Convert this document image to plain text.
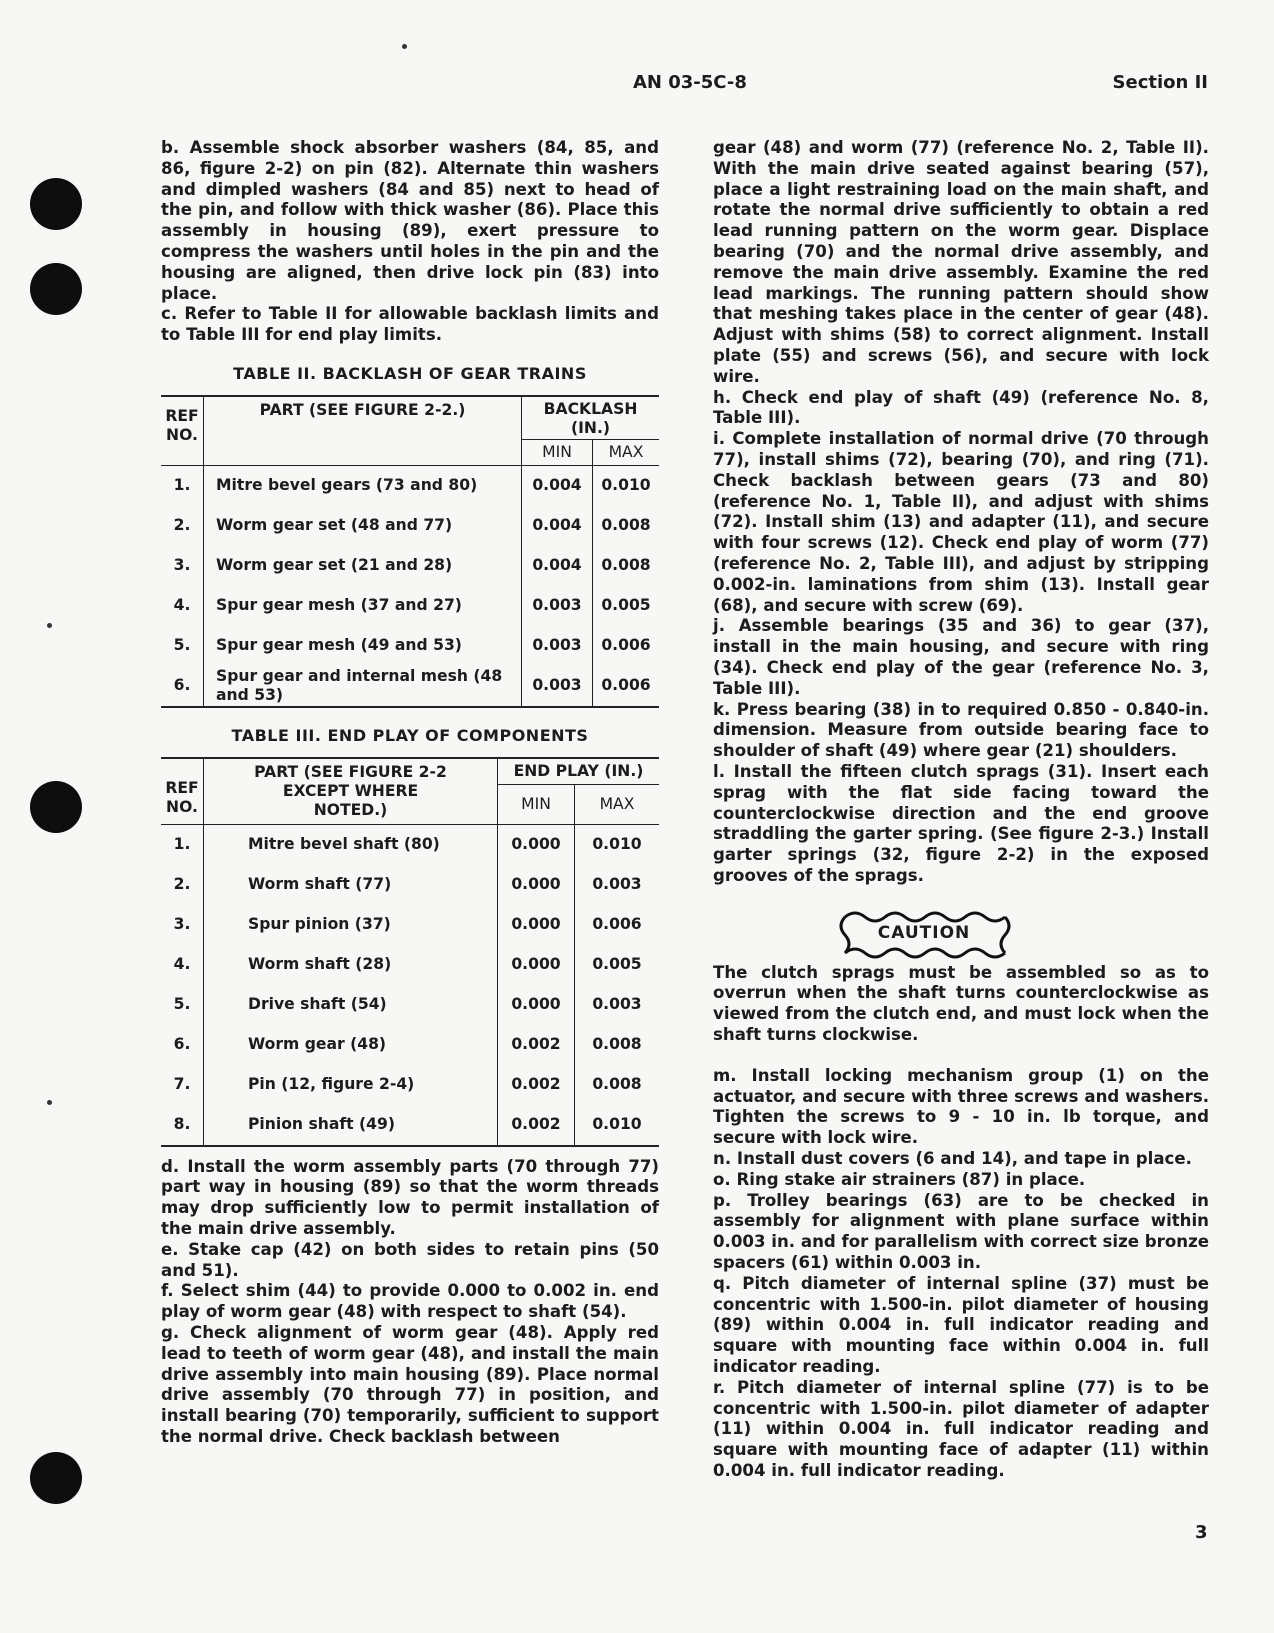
AN 03-5C-8	Section II

b. Assemble shock absorber washers (84, 85, and 86, figure 2-2) on pin (82). Alternate thin washers and dimpled washers (84 and 85) next to head of the pin, and follow with thick washer (86). Place this assembly in housing (89), exert pressure to compress the washers until holes in the pin and the housing are aligned, then drive lock pin (83) into place.

c. Refer to Table II for allowable backlash limits and to Table III for end play limits.

TABLE II. BACKLASH OF GEAR TRAINS
REF NO.	PART (SEE FIGURE 2-2.)	BACKLASH (IN.)	
		MIN	MAX
1.	Mitre bevel gears (73 and 80)	0.004	0.010
2.	Worm gear set (48 and 77)	0.004	0.008
3.	Worm gear set (21 and 28)	0.004	0.008
4.	Spur gear mesh (37 and 27)	0.003	0.005
5.	Spur gear mesh (49 and 53)	0.003	0.006
6.	Spur gear and internal mesh (48 and 53)	0.003	0.006
TABLE III. END PLAY OF COMPONENTS
REF NO.	PART (SEE FIGURE 2-2 EXCEPT WHERE NOTED.)	END PLAY (IN.)	
		MIN	MAX
1.	Mitre bevel shaft (80)	0.000	0.010
2.	Worm shaft (77)	0.000	0.003
3.	Spur pinion (37)	0.000	0.006
4.	Worm shaft (28)	0.000	0.005
5.	Drive shaft (54)	0.000	0.003
6.	Worm gear (48)	0.002	0.008
7.	Pin (12, figure 2-4)	0.002	0.008
8.	Pinion shaft (49)	0.002	0.010

d. Install the worm assembly parts (70 through 77) part way in housing (89) so that the worm threads may drop sufficiently low to permit installation of the main drive assembly.

e. Stake cap (42) on both sides to retain pins (50 and 51).

f. Select shim (44) to provide 0.000 to 0.002 in. end play of worm gear (48) with respect to shaft (54).

g. Check alignment of worm gear (48). Apply red lead to teeth of worm gear (48), and install the main drive assembly into main housing (89). Place normal drive assembly (70 through 77) in position, and install bearing (70) temporarily, sufficient to support the normal drive. Check backlash between

gear (48) and worm (77) (reference No. 2, Table II). With the main drive seated against bearing (57), place a light restraining load on the main shaft, and rotate the normal drive sufficiently to obtain a red lead running pattern on the worm gear. Displace bearing (70) and the normal drive assembly, and remove the main drive assembly. Examine the red lead markings. The running pattern should show that meshing takes place in the center of gear (48). Adjust with shims (58) to correct alignment. Install plate (55) and screws (56), and secure with lock wire.

h. Check end play of shaft (49) (reference No. 8, Table III).

i. Complete installation of normal drive (70 through 77), install shims (72), bearing (70), and ring (71). Check backlash between gears (73 and 80) (reference No. 1, Table II), and adjust with shims (72). Install shim (13) and adapter (11), and secure with four screws (12). Check end play of worm (77) (reference No. 2, Table III), and adjust by stripping 0.002-in. laminations from shim (13). Install gear (68), and secure with screw (69).

j. Assemble bearings (35 and 36) to gear (37), install in the main housing, and secure with ring (34). Check end play of the gear (reference No. 3, Table III).

k. Press bearing (38) in to required 0.850 - 0.840-in. dimension. Measure from outside bearing face to shoulder of shaft (49) where gear (21) shoulders.

l. Install the fifteen clutch sprags (31). Insert each sprag with the flat side facing toward the counterclockwise direction and the end groove straddling the garter spring. (See figure 2-3.) Install garter springs (32, figure 2-2) in the exposed grooves of the sprags.

CAUTION

The clutch sprags must be assembled so as to overrun when the shaft turns counterclockwise as viewed from the clutch end, and must lock when the shaft turns clockwise.

m. Install locking mechanism group (1) on the actuator, and secure with three screws and washers. Tighten the screws to 9 - 10 in. lb torque, and secure with lock wire.

n. Install dust covers (6 and 14), and tape in place.

o. Ring stake air strainers (87) in place.

p. Trolley bearings (63) are to be checked in assembly for alignment with plane surface within 0.003 in. and for parallelism with correct size bronze spacers (61) within 0.003 in.

q. Pitch diameter of internal spline (37) must be concentric with 1.500-in. pilot diameter of housing (89) within 0.004 in. full indicator reading and square with mounting face within 0.004 in. full indicator reading.

r. Pitch diameter of internal spline (77) is to be concentric with 1.500-in. pilot diameter of adapter (11) within 0.004 in. full indicator reading and square with mounting face of adapter (11) within 0.004 in. full indicator reading.

3
